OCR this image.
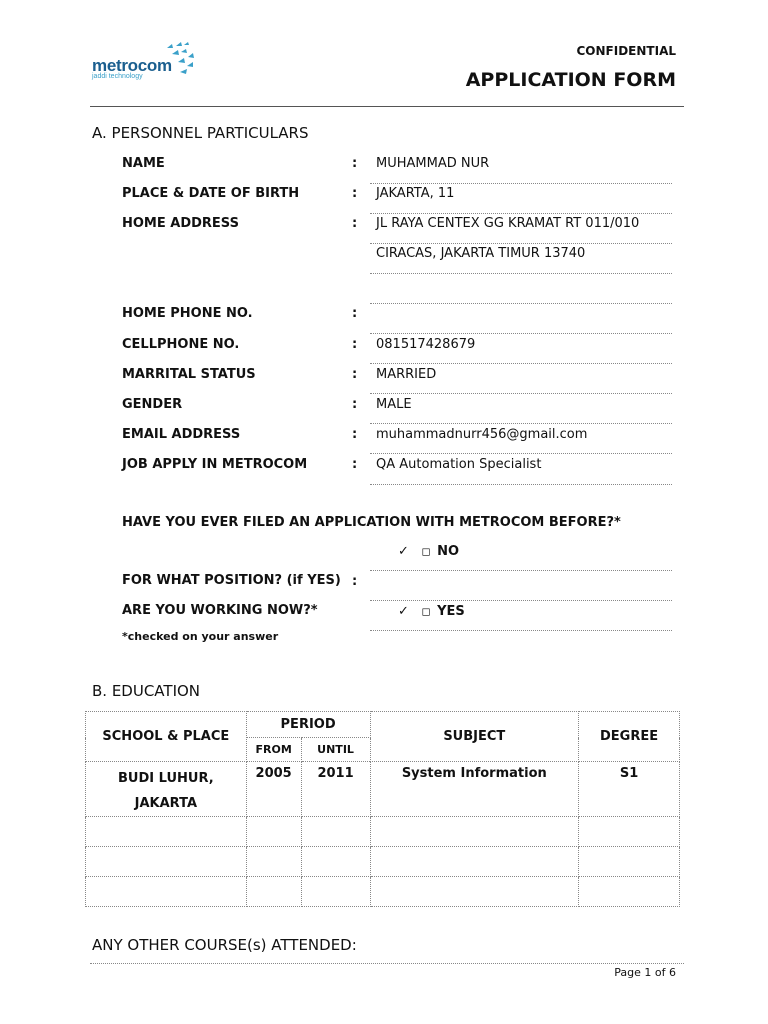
metrocom
jaddi technology
CONFIDENTIAL
APPLICATION FORM
A. PERSONNEL PARTICULARS
NAME	: MUHAMMAD NUR
PLACE & DATE OF BIRTH	: JAKARTA, 11
HOME ADDRESS	: JL RAYA CENTEX GG KRAMAT RT 011/010
CIRACAS, JAKARTA TIMUR 13740
HOME PHONE NO.	:
CELLPHONE NO.	: 081517428679
MARRITAL STATUS	: MARRIED
GENDER	: MALE
EMAIL ADDRESS	: muhammadnurr456@gmail.com
JOB APPLY IN METROCOM	: QA Automation Specialist
HAVE YOU EVER FILED AN APPLICATION WITH METROCOM BEFORE?*
✓ ◻ NO
FOR WHAT POSITION? (if YES) :
ARE YOU WORKING NOW?*	✓ ◻ YES
*checked on your answer
B. EDUCATION
SCHOOL & PLACE	PERIOD		SUBJECT	DEGREE
	FROM	UNTIL		
BUDI LUHUR, JAKARTA	2005	2011	System Information	S1

ANY OTHER COURSE(s) ATTENDED:
Page 1 of 6
